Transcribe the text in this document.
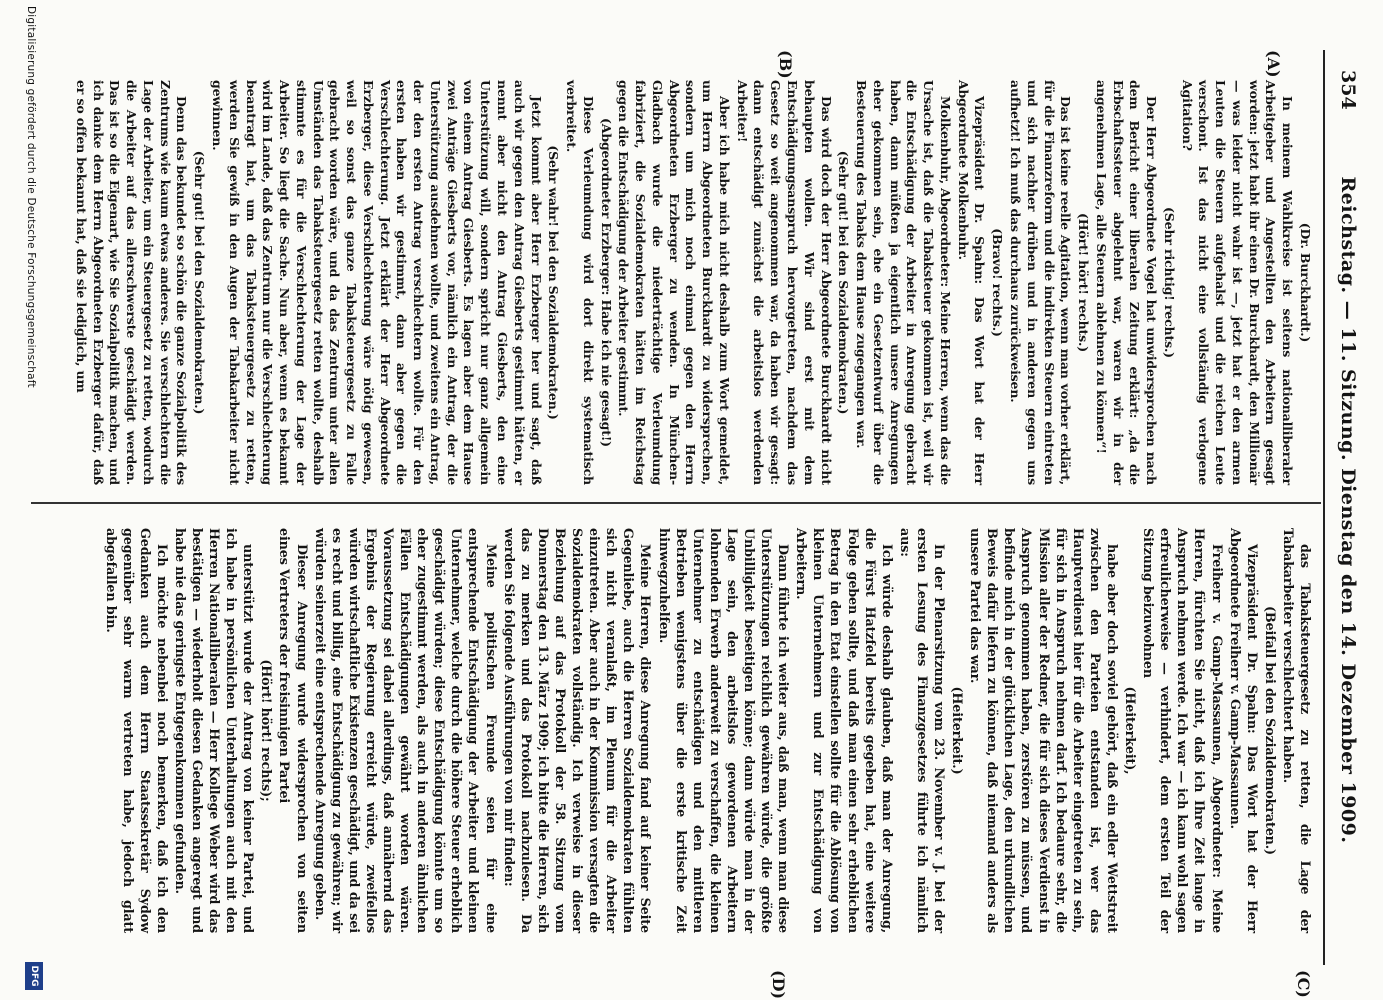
354
Reichstag. — 11. Sitzung. Dienstag den 14. Dezember 1909.
(A)
(B)
(C)
(D)
(Dr. Burckhardt.)

In meinem Wahlkreise ist seitens nationalliberaler Arbeitgeber und Angestellten den Arbeitern gesagt worden: jetzt habt ihr einen Dr. Burckhardt, den Millionär — was leider nicht wahr ist —, jetzt hat er den armen Leuten die Steuern aufgehalst und die reichen Leute verschont. Ist das nicht eine vollständig verlogene Agitation?

(Sehr richtig! rechts.)

Der Herr Abgeordnete Vogel hat unwidersprochen nach dem Bericht einer liberalen Zeitung erklärt: „da die Erbschaftssteuer abgelehnt war, waren wir in der angenehmen Lage, alle Steuern ablehnen zu können“!

(Hört! hört! rechts.)

Das ist keine reelle Agitation, wenn man vorher erklärt, für die Finanzreform und die indirekten Steuern eintreten und sich nachher drüben und in anderen gegen uns aufhetzt! Ich muß das durchaus zurückweisen.

(Bravo! rechts.)

Vizepräsident Dr. Spahn: Das Wort hat der Herr Abgeordnete Molkenbuhr.

Molkenbuhr, Abgeordneter: Meine Herren, wenn das die Ursache ist, daß die Tabaksteuer gekommen ist, weil wir die Entschädigung der Arbeiter in Anregung gebracht haben, dann müßten ja eigentlich unsere Anregungen eher gekommen sein, ehe ein Gesetzentwurf über die Besteuerung des Tabaks dem Hause zugegangen war.

(Sehr gut! bei den Sozialdemokraten.)

Das wird doch der Herr Abgeordnete Burckhardt nicht behaupten wollen. Wir sind erst mit dem Entschädigungsanspruch hervorgetreten, nachdem das Gesetz so weit angenommen war, da haben wir gesagt: dann entschädigt zunächst die arbeitslos werdenden Arbeiter!

Aber ich habe mich nicht deshalb zum Wort gemeldet, um Herrn Abgeordneten Burckhardt zu widersprechen, sondern um mich noch einmal gegen den Herrn Abgeordneten Erzberger zu wenden. In München-Gladbach wurde die niederträchtige Verleumdung fabriziert, die Sozialdemokraten hätten im Reichstag gegen die Entschädigung der Arbeiter gestimmt.

(Abgeordneter Erzberger: Habe ich nie gesagt!)

Diese Verleumdung wird dort direkt systematisch verbreitet.

(Sehr wahr! bei den Sozialdemokraten.)

Jetzt kommt aber Herr Erzberger her und sagt, daß auch wir gegen den Antrag Giesberts gestimmt hätten, er nennt aber nicht den Antrag Giesberts, den eine Unterstützung will, sondern spricht nur ganz allgemein von einem Antrag Giesberts. Es lagen aber dem Hause zwei Anträge Giesberts vor, nämlich ein Antrag, der die Unterstützung ausdehnen wollte, und zweitens ein Antrag, der den ersten Antrag verschlechtern wollte. Für den ersten haben wir gestimmt, dann aber gegen die Verschlechterung. Jetzt erklärt der Herr Abgeordnete Erzberger, diese Verschlechterung wäre nötig gewesen, weil so sonst das ganze Tabaksteuergesetz zu Falle gebracht worden wäre, und da das Zentrum unter allen Umständen das Tabaksteuergesetz retten wollte, deshalb stimmte es für die Verschlechterung der Lage der Arbeiter. So liegt die Sache. Nun aber, wenn es bekannt wird im Lande, daß das Zentrum nur die Verschlechterung beantragt hat, um das Tabaksteuergesetz zu retten, werden Sie gewiß in den Augen der Tabakarbeiter nicht gewinnen.

(Sehr gut! bei den Sozialdemokraten.)

Denn das bekundet so schön die ganze Sozialpolitik des Zentrums wie kaum etwas anderes. Sie verschlechtern die Lage der Arbeiter, um ein Steuergesetz zu retten, wodurch die Arbeiter auf das allerschwerste geschädigt werden. Das ist so die Eigenart, wie Sie Sozialpolitik machen, und ich danke dem Herrn Abgeordneten Erzberger dafür, daß er so offen bekannt hat, daß sie lediglich, um

das Tabaksteuergesetz zu retten, die Lage der Tabakarbeiter verschlechtert haben.

(Beifall bei den Sozialdemokraten.)

Vizepräsident Dr. Spahn: Das Wort hat der Herr Abgeordnete Freiherr v. Gamp-Massaunen.

Freiherr v. Gamp-Massaunen, Abgeordneter: Meine Herren, fürchten Sie nicht, daß ich Ihre Zeit lange in Anspruch nehmen werde. Ich war — ich kann wohl sagen erfreulicherweise — verhindert, dem ersten Teil der Sitzung beizuwohnen

(Heiterkeit),

habe aber doch soviel gehört, daß ein edler Wettstreit zwischen den Parteien entstanden ist, wer das Hauptverdienst hier für die Arbeiter eingetreten zu sein, für sich in Anspruch nehmen darf. Ich bedaure sehr, die Mission aller der Redner, die für sich dieses Verdienst in Anspruch genommen haben, zerstören zu müssen, und befinde mich in der glücklichen Lage, den urkundlichen Beweis dafür liefern zu können, daß niemand anders als unsere Partei das war.

(Heiterkeit.)

In der Plenarsitzung vom 23. November v. J. bei der ersten Lesung des Finanzgesetzes führte ich nämlich aus:

Ich würde deshalb glauben, daß man der Anregung, die Fürst Hatzfeld bereits gegeben hat, eine weitere Folge geben sollte, und daß man einen sehr erheblichen Betrag in den Etat einstellen sollte für die Ablösung von kleinen Unternehmern und zur Entschädigung von Arbeitern.

Dann führte ich weiter aus, daß man, wenn man diese Unterstützungen reichlich gewähren würde, die größte Unbilligkeit beseitigen könne; dann würde man in der Lage sein, den arbeitslos gewordenen Arbeitern lohnenden Erwerb anderweit zu verschaffen, die kleinen Unternehmer zu entschädigen und den mittleren Betrieben wenigstens über die erste kritische Zeit hinwegzuhelfen.

Meine Herren, diese Anregung fand auf keiner Seite Gegenliebe, auch die Herren Sozialdemokraten fühlten sich nicht veranlaßt, im Plenum für die Arbeiter einzutreten. Aber auch in der Kommission versagten die Sozialdemokraten vollständig. Ich verweise in dieser Beziehung auf das Protokoll der 58. Sitzung vom Donnerstag den 13. März 1909; ich bitte die Herren, sich das zu merken und das Protokoll nachzulesen. Da werden Sie folgende Ausführungen von mir finden:

Meine politischen Freunde seien für eine entsprechende Entschädigung der Arbeiter und kleinen Unternehmer, welche durch die höhere Steuer erheblich geschädigt würden; diese Entschädigung könnte um so eher zugestimmt werden, als auch in anderen ähnlichen Fällen Entschädigungen gewährt worden wären. Voraussetzung sei dabei allerdings, daß annähernd das Ergebnis der Regierung erreicht würde, zweifellos würden wirtschaftliche Existenzen geschädigt, und da sei es recht und billig, eine Entschädigung zu gewähren; wir würden seinerzeit eine entsprechende Anregung geben.

Dieser Anregung wurde widersprochen von seiten eines Vertreters der freisinnigen Partei

(Hört! hört! rechts);

unterstützt wurde der Antrag von keiner Partei, und ich habe in persönlichen Unterhaltungen auch mit den Herren Nationalliberalen — Herr Kollege Weber wird das bestätigen — wiederholt diesen Gedanken angeregt und habe nie das geringste Entgegenkommen gefunden.

Ich möchte nebenbei noch bemerken, daß ich den Gedanken auch dem Herrn Staatssekretär Sydow gegenüber sehr warm vertreten habe, jedoch glatt abgefallen bin.

Digitalisierung gefördert durch die Deutsche Forschungsgemeinschaft
DFG
